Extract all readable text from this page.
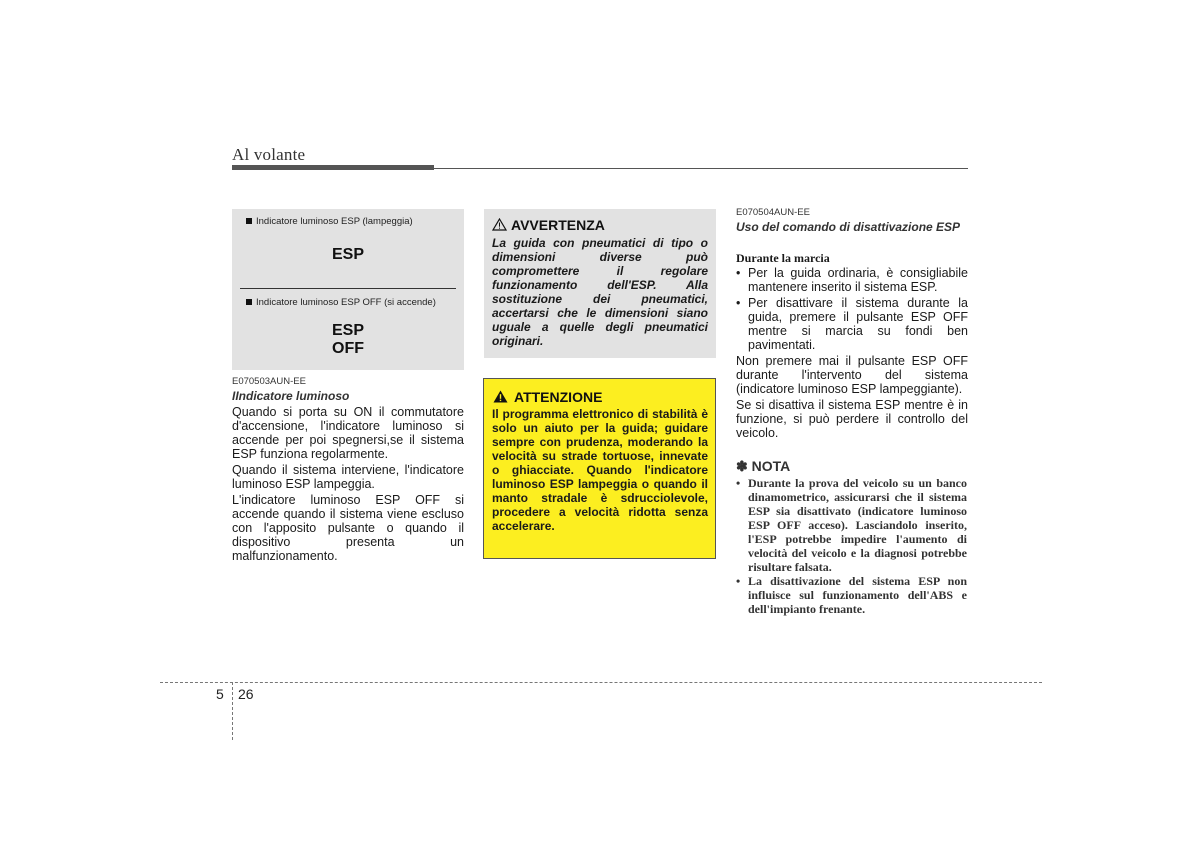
Al volante
Indicatore luminoso ESP (lampeggia)
ESP
Indicatore luminoso ESP OFF (si accende)
ESP
OFF
E070503AUN-EE
IIndicatore luminoso
Quando si porta su ON il commutatore d'accensione, l'indicatore luminoso si accende per poi spegnersi,se il sistema ESP funziona regolarmente.
Quando il sistema interviene, l'indicatore luminoso ESP lampeggia.
L'indicatore luminoso ESP OFF si accende quando il sistema viene escluso con l'apposito pulsante o quando il dispositivo presenta un malfunzionamento.
AVVERTENZA
La guida con pneumatici di tipo o dimensioni diverse può compromettere il regolare funzionamento dell'ESP. Alla sostituzione dei pneumatici, accertarsi che le dimensioni siano uguale a quelle degli pneumatici originari.
ATTENZIONE
Il programma elettronico di stabilità è solo un aiuto per la guida; guidare sempre con prudenza, moderando la velocità su strade tortuose, innevate o ghiacciate. Quando l'indicatore luminoso ESP lampeggia o quando il manto stradale è sdrucciolevole, procedere a velocità ridotta senza accelerare.
E070504AUN-EE
Uso del comando di disattivazione ESP
Durante la marcia
• Per la guida ordinaria, è consigliabile mantenere inserito il sistema ESP.
• Per disattivare il sistema durante la guida, premere il pulsante ESP OFF mentre si marcia su fondi ben pavimentati.
Non premere mai il pulsante ESP OFF durante l'intervento del sistema (indicatore luminoso ESP lampeggiante).
Se si disattiva il sistema ESP mentre è in funzione, si può perdere il controllo del veicolo.
✽ NOTA
• Durante la prova del veicolo su un banco dinamometrico, assicurarsi che il sistema ESP sia disattivato (indicatore luminoso ESP OFF acceso). Lasciandolo inserito, l'ESP potrebbe impedire l'aumento di velocità del veicolo e la diagnosi potrebbe risultare falsata.
• La disattivazione del sistema ESP non influisce sul funzionamento dell'ABS e dell'impianto frenante.
5 26
